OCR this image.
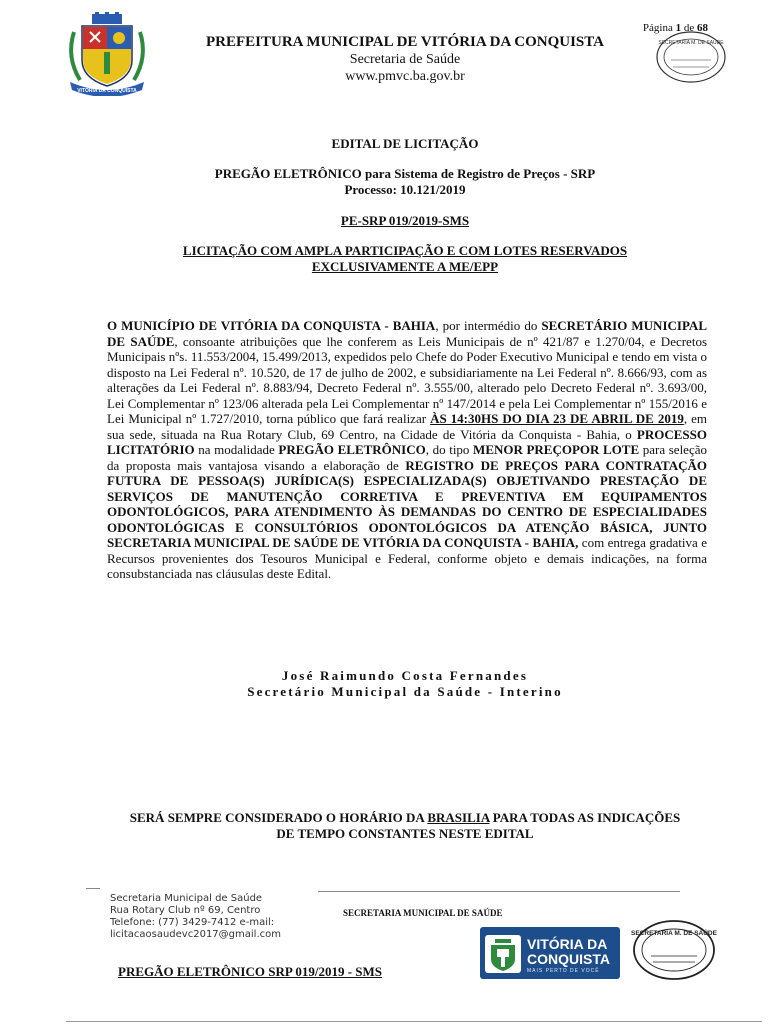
VITÓRIA DA CONQUISTA
Página 1 de 68
SECRETARIA M. DE SAÚDE
PREFEITURA MUNICIPAL DE VITÓRIA DA CONQUISTA
Secretaria de Saúde
www.pmvc.ba.gov.br
EDITAL DE LICITAÇÃO
PREGÃO ELETRÔNICO para Sistema de Registro de Preços - SRP
Processo: 10.121/2019
PE-SRP 019/2019-SMS
LICITAÇÃO COM AMPLA PARTICIPAÇÃO E COM LOTES RESERVADOS
EXCLUSIVAMENTE A ME/EPP
O MUNICÍPIO DE VITÓRIA DA CONQUISTA - BAHIA, por intermédio do SECRETÁRIO MUNICIPAL DE SAÚDE, consoante atribuições que lhe conferem as Leis Municipais de nº 421/87 e 1.270/04, e Decretos Municipais nºs. 11.553/2004, 15.499/2013, expedidos pelo Chefe do Poder Executivo Municipal e tendo em vista o disposto na Lei Federal nº. 10.520, de 17 de julho de 2002, e subsidiariamente na Lei Federal nº. 8.666/93, com as alterações da Lei Federal nº. 8.883/94, Decreto Federal nº. 3.555/00, alterado pelo Decreto Federal nº. 3.693/00, Lei Complementar nº 123/06 alterada pela Lei Complementar nº 147/2014 e pela Lei Complementar nº 155/2016 e Lei Municipal nº 1.727/2010, torna público que fará realizar ÀS 14:30HS DO DIA 23 DE ABRIL DE 2019, em sua sede, situada na Rua Rotary Club, 69 Centro, na Cidade de Vitória da Conquista - Bahia, o PROCESSO LICITATÓRIO na modalidade PREGÃO ELETRÔNICO, do tipo MENOR PREÇOPOR LOTE para seleção da proposta mais vantajosa visando a elaboração de REGISTRO DE PREÇOS PARA CONTRATAÇÃO FUTURA DE PESSOA(S) JURÍDICA(S) ESPECIALIZADA(S) OBJETIVANDO PRESTAÇÃO DE SERVIÇOS DE MANUTENÇÃO CORRETIVA E PREVENTIVA EM EQUIPAMENTOS ODONTOLÓGICOS, PARA ATENDIMENTO ÀS DEMANDAS DO CENTRO DE ESPECIALIDADES ODONTOLÓGICAS E CONSULTÓRIOS ODONTOLÓGICOS DA ATENÇÃO BÁSICA, JUNTO SECRETARIA MUNICIPAL DE SAÚDE DE VITÓRIA DA CONQUISTA - BAHIA, com entrega gradativa e Recursos provenientes dos Tesouros Municipal e Federal, conforme objeto e demais indicações, na forma consubstanciada nas cláusulas deste Edital.
José Raimundo Costa Fernandes
Secretário Municipal da Saúde - Interino
SERÁ SEMPRE CONSIDERADO O HORÁRIO DA BRASILIA PARA TODAS AS INDICAÇÕES
DE TEMPO CONSTANTES NESTE EDITAL
Secretaria Municipal de Saúde
Rua Rotary Club nº 69, Centro
Telefone: (77) 3429-7412 e-mail:
licitacaosaudevc2017@gmail.com
SECRETARIA MUNICIPAL DE SAÚDE
VITÓRIA DA
CONQUISTA
MAIS PERTO DE VOCÊ
SECRETARIA M. DE SAÚDE
PREGÃO ELETRÔNICO SRP 019/2019 - SMS
